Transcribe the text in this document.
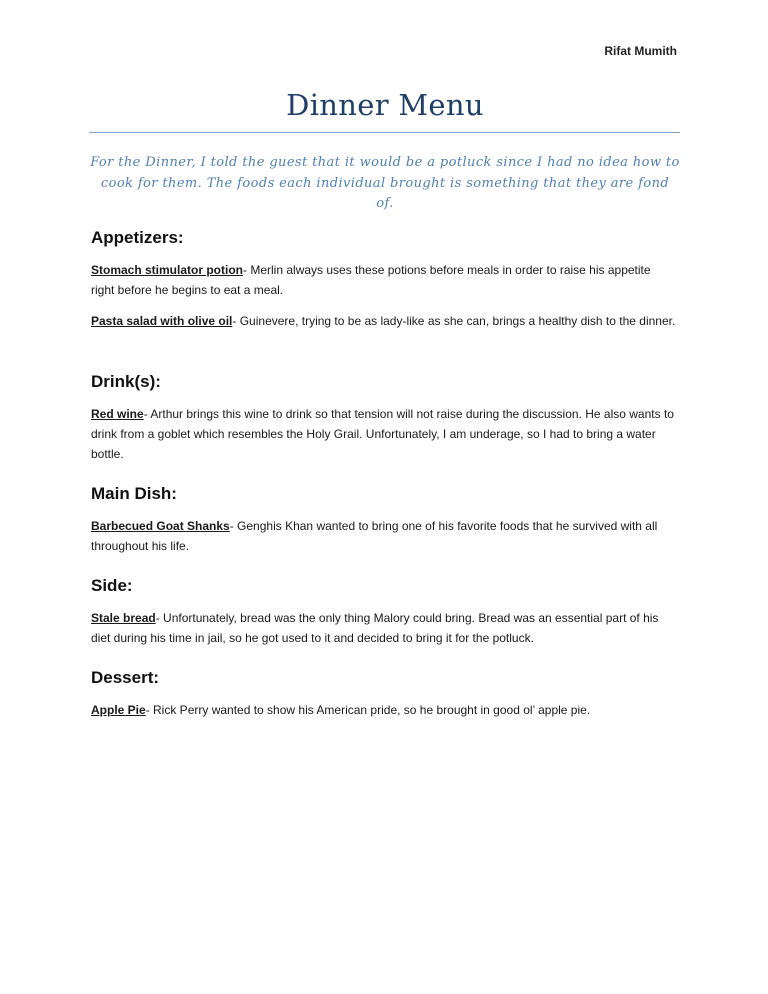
Rifat Mumith
Dinner Menu
For the Dinner, I told the guest that it would be a potluck since I had no idea how to cook for them. The foods each individual brought is something that they are fond of.
Appetizers:
Stomach stimulator potion- Merlin always uses these potions before meals in order to raise his appetite right before he begins to eat a meal.
Pasta salad with olive oil- Guinevere, trying to be as lady-like as she can, brings a healthy dish to the dinner.
Drink(s):
Red wine- Arthur brings this wine to drink so that tension will not raise during the discussion. He also wants to drink from a goblet which resembles the Holy Grail. Unfortunately, I am underage, so I had to bring a water bottle.
Main Dish:
Barbecued Goat Shanks- Genghis Khan wanted to bring one of his favorite foods that he survived with all throughout his life.
Side:
Stale bread- Unfortunately, bread was the only thing Malory could bring. Bread was an essential part of his diet during his time in jail, so he got used to it and decided to bring it for the potluck.
Dessert:
Apple Pie- Rick Perry wanted to show his American pride, so he brought in good ol’ apple pie.
